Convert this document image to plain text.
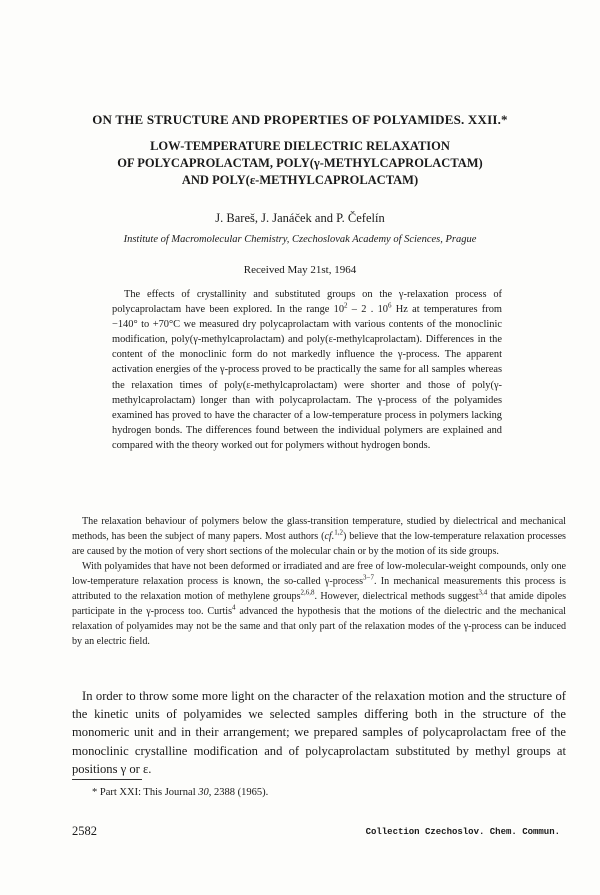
ON THE STRUCTURE AND PROPERTIES OF POLYAMIDES. XXII.*
LOW-TEMPERATURE DIELECTRIC RELAXATION
OF POLYCAPROLACTAM, POLY(γ-METHYLCAPROLACTAM)
AND POLY(ε-METHYLCAPROLACTAM)
J. Bareš, J. Janáček and P. Čefelín
Institute of Macromolecular Chemistry, Czechoslovak Academy of Sciences, Prague
Received May 21st, 1964

The effects of crystallinity and substituted groups on the γ-relaxation process of polycaprolactam have been explored. In the range $10^2 - 2$ . $10^6$ Hz at temperatures from −140° to +70°C we measured dry polycaprolactam with various contents of the monoclinic modification, poly(γ-methylcaprolactam) and poly(ε-methylcaprolactam). Differences in the content of the monoclinic form do not markedly influence the γ-process. The apparent activation energies of the γ-process proved to be practically the same for all samples whereas the relaxation times of poly(ε-methylcaprolactam) were shorter and those of poly(γ-methylcaprolactam) longer than with polycaprolactam. The γ-process of the polyamides examined has proved to have the character of a low-temperature process in polymers lacking hydrogen bonds. The differences found between the individual polymers are explained and compared with the theory worked out for polymers without hydrogen bonds.

The relaxation behaviour of polymers below the glass-transition temperature, studied by dielectrical and mechanical methods, has been the subject of many papers. Most authors (cf.$^{1,2}$) believe that the low-temperature relaxation processes are caused by the motion of very short sections of the molecular chain or by the motion of its side groups.

With polyamides that have not been deformed or irradiated and are free of low-molecular-weight compounds, only one low-temperature relaxation process is known, the so-called γ-process$^{3-7}$. In mechanical measurements this process is attributed to the relaxation motion of methylene groups$^{2,6,8}$. However, dielectrical methods suggest$^{3,4}$ that amide dipoles participate in the γ-process too. Curtis$^4$ advanced the hypothesis that the motions of the dielectric and the mechanical relaxation of polyamides may not be the same and that only part of the relaxation modes of the γ-process can be induced by an electric field.

In order to throw some more light on the character of the relaxation motion and the structure of the kinetic units of polyamides we selected samples differing both in the structure of the monomeric unit and in their arrangement; we prepared samples of polycaprolactam free of the monoclinic crystalline modification and of polycaprolactam substituted by methyl groups at positions γ or ε.

* Part XXI: This Journal 30, 2388 (1965).
2582	Collection Czechoslov. Chem. Commun.
